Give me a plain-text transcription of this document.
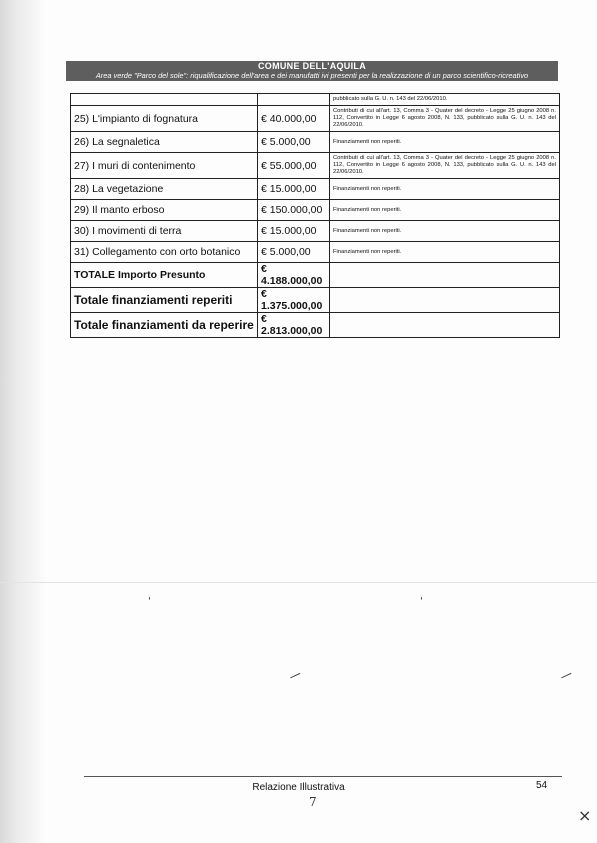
COMUNE DELL'AQUILA
Area verde "Parco del sole": riqualificazione dell'area e dei manufatti ivi presenti per la realizzazione di un parco scientifico-ricreativo
		pubblicato sulla G. U. n. 143 del 22/06/2010.
25) L'impianto di fognatura	€ 40.000,00	Contributi di cui all'art. 13, Comma 3 - Quater del decreto - Legge 25 giugno 2008 n. 112, Convertito in Legge 6 agosto 2008, N. 133, pubblicato sulla G. U. n. 143 del 22/06/2010.
26) La segnaletica	€ 5.000,00	Finanziamenti non reperiti.
27) I muri di contenimento	€ 55.000,00	Contributi di cui all'art. 13, Comma 3 - Quater del decreto - Legge 25 giugno 2008 n. 112, Convertito in Legge 6 agosto 2008, N. 133, pubblicato sulla G. U. n. 143 del 22/06/2010.
28) La vegetazione	€ 15.000,00	Finanziamenti non reperiti.
29) Il manto erboso	€ 150.000,00	Finanziamenti non reperiti.
30) I movimenti di terra	€ 15.000,00	Finanziamenti non reperiti.
31) Collegamento con orto botanico	€ 5.000,00	Finanziamenti non reperiti.
TOTALE Importo Presunto	€ 4.188.000,00	
Totale finanziamenti reperiti	€ 1.375.000,00	
Totale finanziamenti da reperire	€ 2.813.000,00	
'	'
—	—
Relazione Illustrativa	54
7
×
